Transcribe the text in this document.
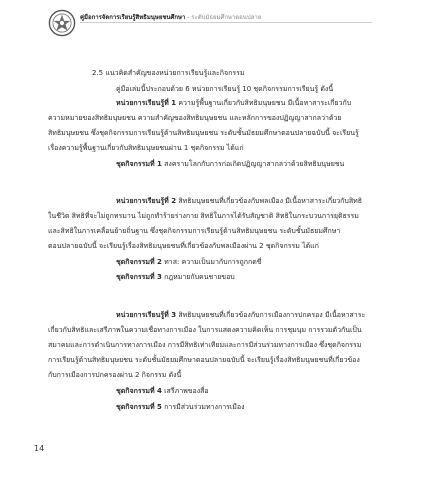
คู่มือการจัดการเรียนรู้สิทธิมนุษยชนศึกษา - ระดับมัธยมศึกษาตอนปลาย
2.5 แนวคิดสำคัญของหน่วยการเรียนรู้และกิจกรรม
คู่มือเล่มนี้ประกอบด้วย 6 หน่วยการเรียนรู้ 10 ชุดกิจกรรมการเรียนรู้ ดังนี้
หน่วยการเรียนรู้ที่ 1 ความรู้พื้นฐานเกี่ยวกับสิทธิมนุษยชน มีเนื้อหาสาระเกี่ยวกับ
ความหมายของสิทธิมนุษยชน ความสำคัญของสิทธิมนุษยชน และหลักการของปฏิญญาสากลว่าด้วย
สิทธิมนุษยชน ซึ่งชุดกิจกรรมการเรียนรู้ด้านสิทธิมนุษยชน ระดับชั้นมัธยมศึกษาตอนปลายฉบับนี้ จะเรียนรู้
เรื่องความรู้พื้นฐานเกี่ยวกับสิทธิมนุษยชนผ่าน 1 ชุดกิจกรรม ได้แก่
ชุดกิจกรรมที่ 1 สงครามโลกกับการก่อเกิดปฏิญญาสากลว่าด้วยสิทธิมนุษยชน
หน่วยการเรียนรู้ที่ 2 สิทธิมนุษยชนที่เกี่ยวข้องกับพลเมือง มีเนื้อหาสาระเกี่ยวกับสิทธิ
ในชีวิต สิทธิที่จะไม่ถูกทรมาน ไม่ถูกทำร้ายร่างกาย สิทธิในการได้รับสัญชาติ สิทธิในกระบวนการยุติธรรม
และสิทธิในการเคลื่อนย้ายถิ่นฐาน ซึ่งชุดกิจกรรมการเรียนรู้ด้านสิทธิมนุษยชน ระดับชั้นมัธยมศึกษา
ตอนปลายฉบับนี้ จะเรียนรู้เรื่องสิทธิมนุษยชนที่เกี่ยวข้องกับพลเมืองผ่าน 2 ชุดกิจกรรม ได้แก่
ชุดกิจกรรมที่ 2 ทาส: ความเป็นมากับการถูกกดขี่
ชุดกิจกรรมที่ 3 กฎหมายกับคนชายขอบ
หน่วยการเรียนรู้ที่ 3 สิทธิมนุษยชนที่เกี่ยวข้องกับการเมืองการปกครอง มีเนื้อหาสาระ
เกี่ยวกับสิทธิและเสรีภาพในความเชื่อทางการเมือง ในการแสดงความคิดเห็น การชุมนุม การรวมตัวกันเป็น
สมาคมและการดำเนินการทางการเมือง การมีสิทธิเท่าเทียมและการมีส่วนร่วมทางการเมือง ซึ่งชุดกิจกรรม
การเรียนรู้ด้านสิทธิมนุษยชน ระดับชั้นมัธยมศึกษาตอนปลายฉบับนี้ จะเรียนรู้เรื่องสิทธิมนุษยชนที่เกี่ยวข้อง
กับการเมืองการปกครองผ่าน 2 กิจกรรม ดังนี้
ชุดกิจกรรมที่ 4 เสรีภาพของสื่อ
ชุดกิจกรรมที่ 5 การมีส่วนร่วมทางการเมือง
14
